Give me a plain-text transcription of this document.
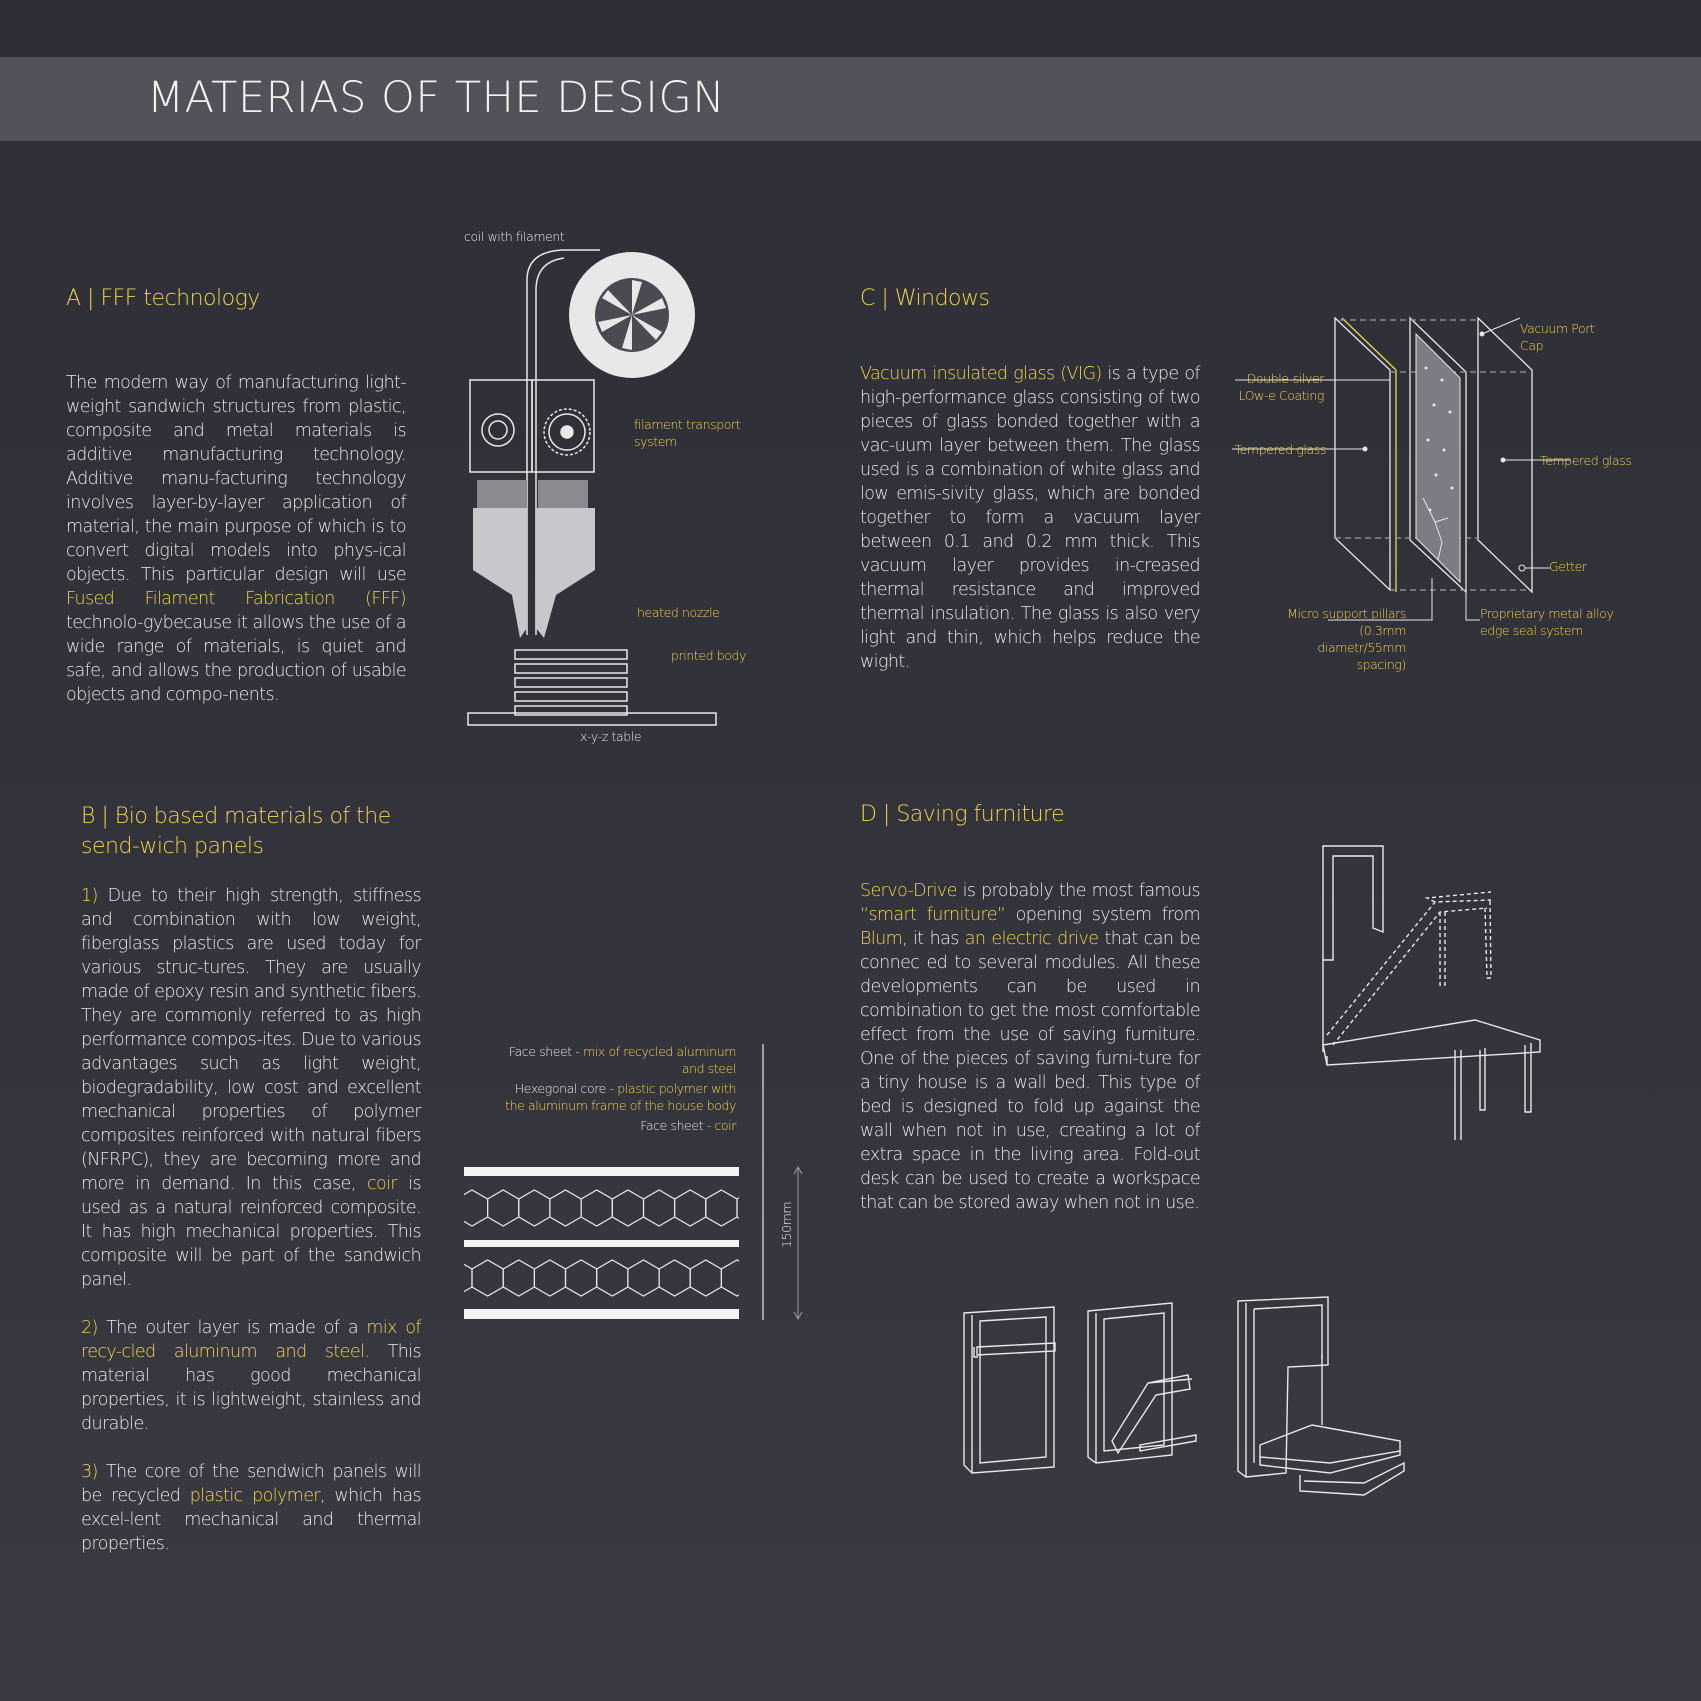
MATERIAS OF THE DESIGN
A | FFF technology
The modern way of manufacturing light-weight sandwich structures from plastic, composite and metal materials is additive manufacturing technology. Additive manu-facturing technology involves layer-by-layer application of material, the main purpose of which is to convert digital models into phys-ical objects. This particular design will use Fused Filament Fabrication (FFF) technolo-gybecause it allows the use of a wide range of materials, is quiet and safe, and allows the production of usable objects and compo-nents.
coil with filament
filament transport system
heated nozzle
printed body
x-y-z table
B | Bio based materials of the send-wich panels

1) Due to their high strength, stiffness and combination with low weight, fiberglass plastics are used today for various struc-tures. They are usually made of epoxy resin and synthetic fibers. They are commonly referred to as high performance compos-ites. Due to various advantages such as light weight, biodegradability, low cost and excellent mechanical properties of polymer composites reinforced with natural fibers (NFRPC), they are becoming more and more in demand. In this case, coir is used as a natural reinforced composite. It has high mechanical properties. This composite will be part of the sandwich panel.

2) The outer layer is made of a mix of recy-cled aluminum and steel. This material has good mechanical properties, it is lightweight, stainless and durable.

3) The core of the sendwich panels will be recycled plastic polymer, which has excel-lent mechanical and thermal properties.

Face sheet - mix of recycled aluminum and steel
Hexegonal core - plastic polymer with the aluminum frame of the house body
Face sheet - coir
150mm
C | Windows
Vacuum insulated glass (VIG) is a type of high-performance glass consisting of two pieces of glass bonded together with a vac-uum layer between them. The glass used is a combination of white glass and low emis-sivity glass, which are bonded together to form a vacuum layer between 0.1 and 0.2 mm thick. This vacuum layer provides in-creased thermal resistance and improved thermal insulation. The glass is also very light and thin, which helps reduce the wight.
Vacuum Port Cap
Double-silver LOw-e Coating
Tempered glass
Tempered glass
Getter
Micro support pillars (0.3mm diametr/55mm spacing)
Proprietary metal alloy edge seal system
D | Saving furniture
Servo-Drive is probably the most famous “smart furniture” opening system from Blum, it has an electric drive that can be connec ed to several modules. All these developments can be used in combination to get the most comfortable effect from the use of saving furniture. One of the pieces of saving furni-ture for a tiny house is a wall bed. This type of bed is designed to fold up against the wall when not in use, creating a lot of extra space in the living area. Fold-out desk can be used to create a workspace that can be stored away when not in use.
